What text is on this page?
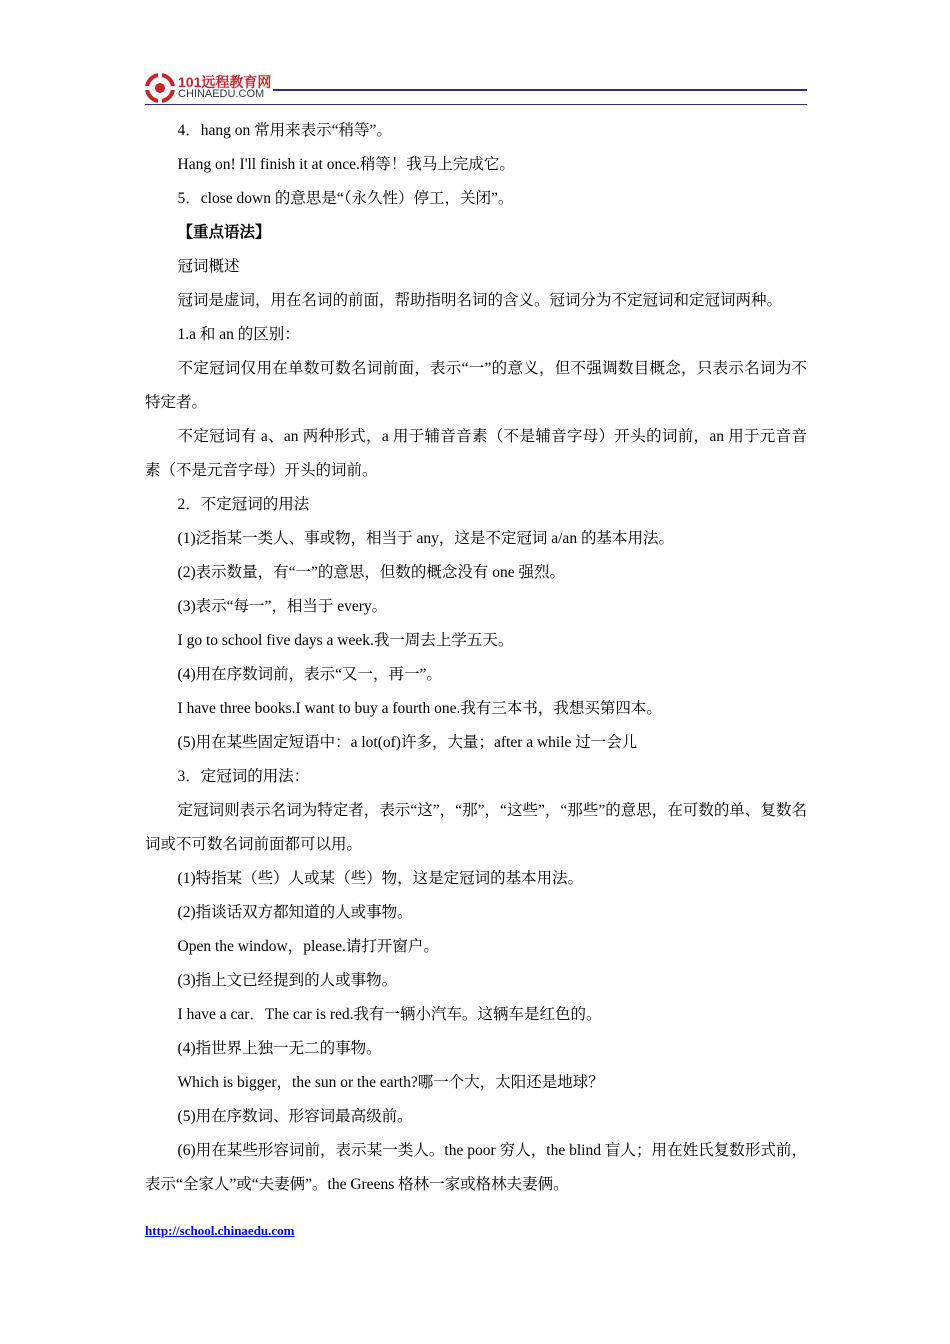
101远程教育网
CHINAEDU.COM

4．hang on 常用来表示“稍等”。

Hang on! I'll finish it at once.稍等！我马上完成它。

5．close down 的意思是“（永久性）停工，关闭”。

【重点语法】

冠词概述

冠词是虚词，用在名词的前面，帮助指明名词的含义。冠词分为不定冠词和定冠词两种。

1.a 和 an 的区别：

不定冠词仅用在单数可数名词前面，表示“一”的意义，但不强调数目概念，只表示名词为不特定者。

不定冠词有 a、an 两种形式，a 用于辅音音素（不是辅音字母）开头的词前，an 用于元音音素（不是元音字母）开头的词前。

2．不定冠词的用法

(1)泛指某一类人、事或物，相当于 any，这是不定冠词 a/an 的基本用法。

(2)表示数量，有“一”的意思，但数的概念没有 one 强烈。

(3)表示“每一”，相当于 every。

I go to school five days a week.我一周去上学五天。

(4)用在序数词前，表示“又一，再一”。

I have three books.I want to buy a fourth one.我有三本书，我想买第四本。

(5)用在某些固定短语中：a lot(of)许多，大量；after a while 过一会儿

3．定冠词的用法：

定冠词则表示名词为特定者，表示“这”，“那”，“这些”，“那些”的意思，在可数的单、复数名词或不可数名词前面都可以用。

(1)特指某（些）人或某（些）物，这是定冠词的基本用法。

(2)指谈话双方都知道的人或事物。

Open the window，please.请打开窗户。

(3)指上文已经提到的人或事物。

I have a car．The car is red.我有一辆小汽车。这辆车是红色的。

(4)指世界上独一无二的事物。

Which is bigger，the sun or the earth?哪一个大，太阳还是地球？

(5)用在序数词、形容词最高级前。

(6)用在某些形容词前，表示某一类人。the poor 穷人，the blind 盲人；用在姓氏复数形式前，表示“全家人”或“夫妻俩”。the Greens 格林一家或格林夫妻俩。

http://school.chinaedu.com
